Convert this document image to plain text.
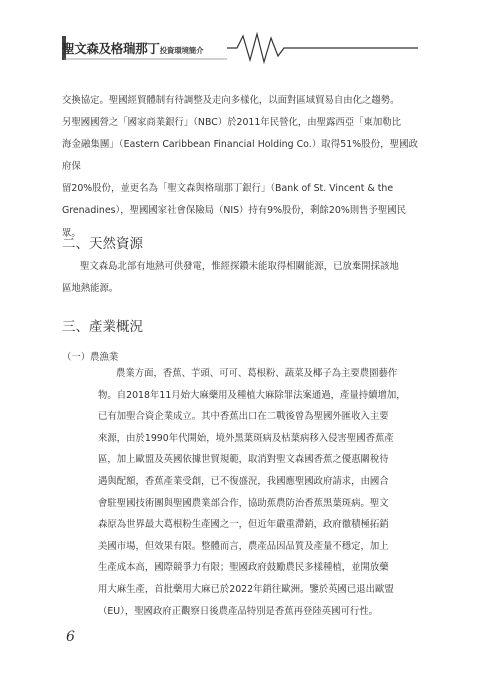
聖文森及格瑞那丁投資環境簡介

交換協定。聖國經貿體制有待調整及走向多樣化，以面對區域貿易自由化之趨勢。

另聖國國營之「國家商業銀行」（NBC）於2011年民營化，由聖露西亞「東加勒比

海金融集團」（Eastern Caribbean Financial Holding Co.）取得51%股份，聖國政府保

留20%股份，並更名為「聖文森與格瑞那丁銀行」（Bank of St. Vincent & the

Grenadines），聖國國家社會保險局（NIS）持有9%股份，剩餘20%則售予聖國民

眾。

二、天然資源

聖文森島北部有地熱可供發電，惟經探鑽未能取得相關能源，已放棄開採該地

區地熱能源。

三、產業概況
（一）農漁業

農業方面，香蕉、芋頭、可可、葛根粉、蔬菜及椰子為主要農園藝作

物。自2018年11月始大麻藥用及種植大麻除罪法案通過，產量持續增加，

已有加聖合資企業成立。其中香蕉出口在二戰後曾為聖國外匯收入主要

來源，由於1990年代開始，境外黑葉斑病及枯葉病移入侵害聖國香蕉產

區，加上歐盟及英國依據世貿規範，取消對聖文森國香蕉之優惠關稅待

遇與配額，香蕉產業受創，已不復盛況，我國應聖國政府請求，由國合

會駐聖國技術團與聖國農業部合作，協助蕉農防治香蕉黑葉斑病。聖文

森原為世界最大葛根粉生產國之一，但近年嚴重滯銷，政府徹積極拓銷

美國市場，但效果有限。整體而言，農產品因品質及產量不穩定，加上

生產成本高，國際競爭力有限；聖國政府鼓勵農民多樣種植，並開放藥

用大麻生產，首批藥用大麻已於2022年銷往歐洲。鑒於英國已退出歐盟

（EU），聖國政府正觀察日後農產品特別是香蕉再登陸英國可行性。

6
